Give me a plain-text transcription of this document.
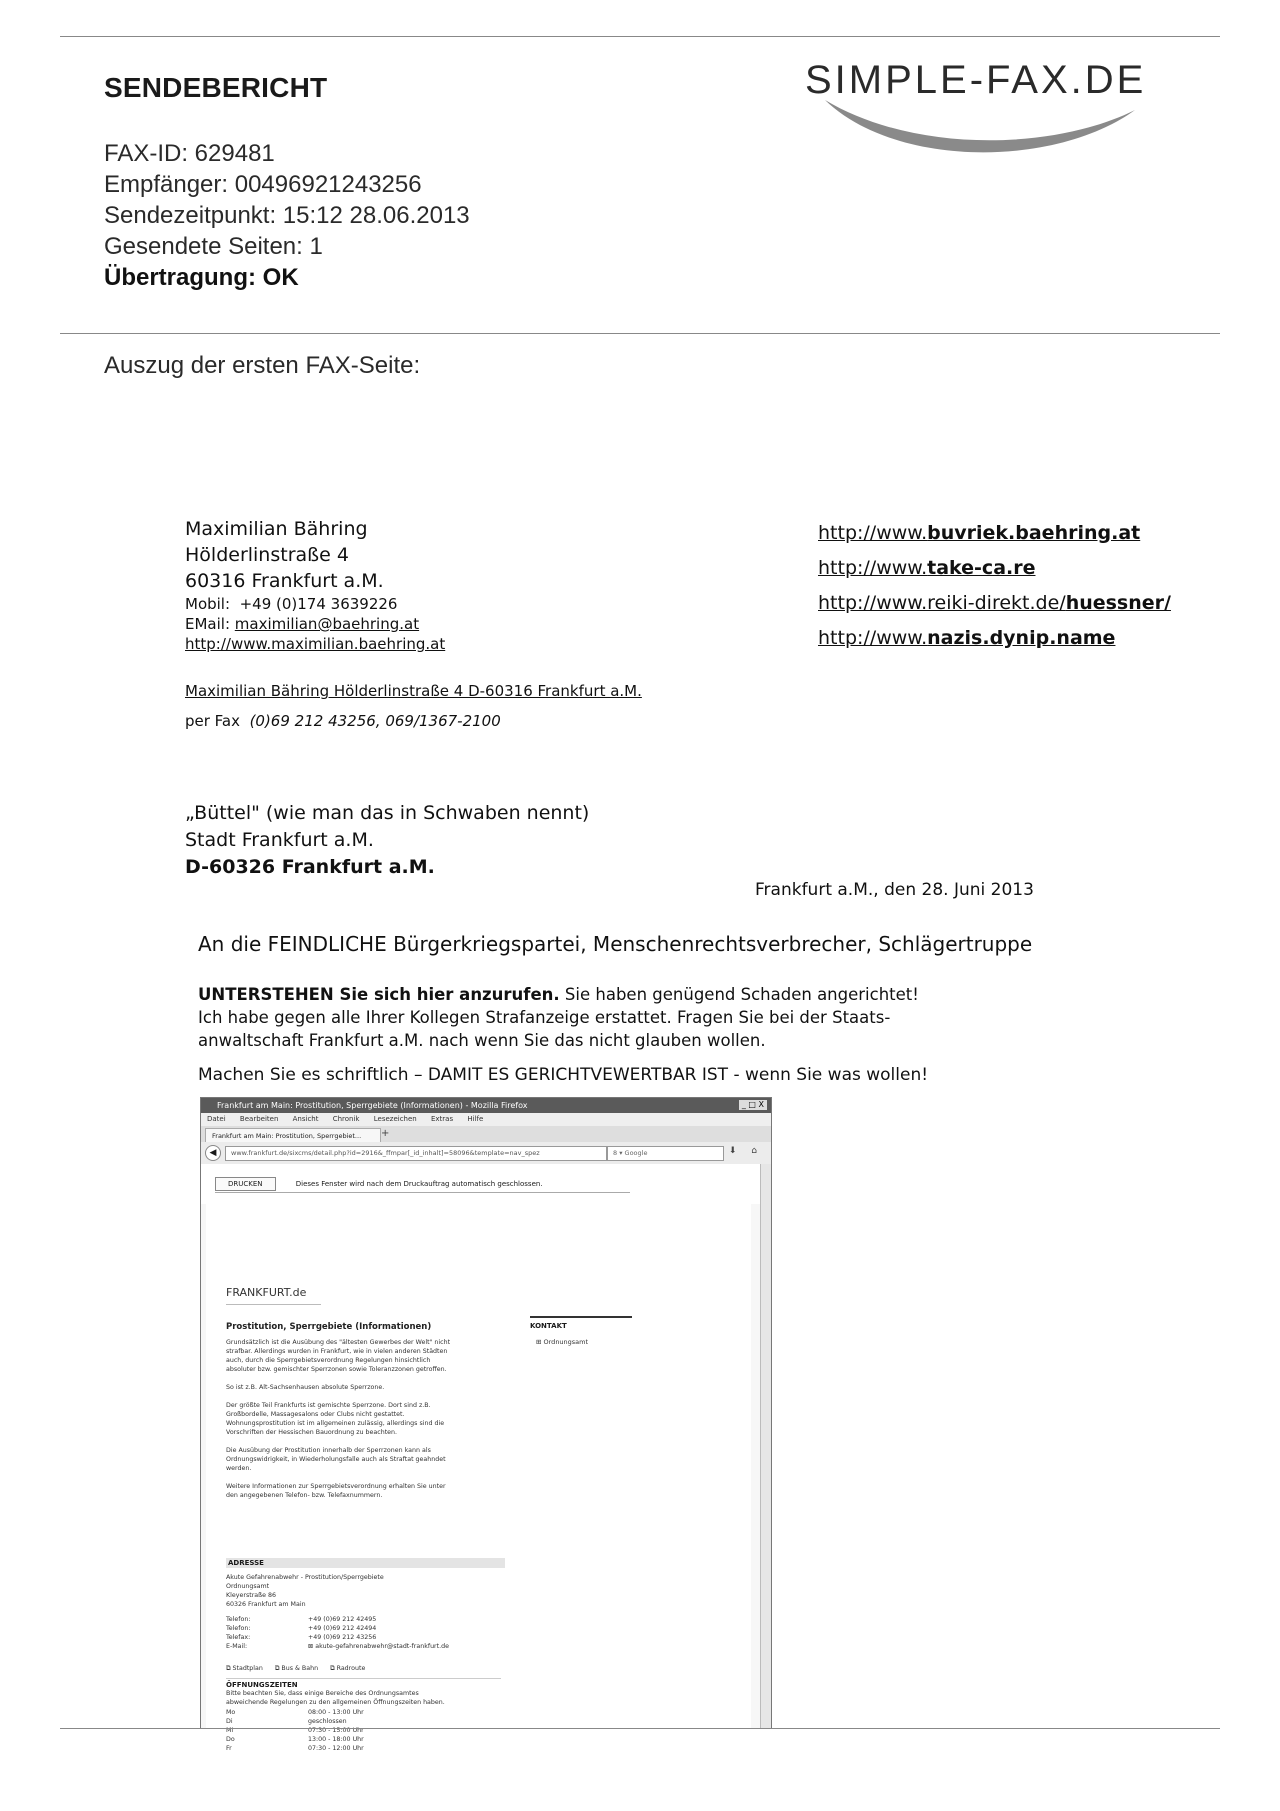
SENDEBERICHT	SIMPLE-FAX.DE
FAX-ID: 629481
Empfänger: 00496921243256
Sendezeitpunkt: 15:12 28.06.2013
Gesendete Seiten: 1
Übertragung: OK
Auszug der ersten FAX-Seite:
Maximilian Bähring
Hölderlinstraße 4
60316 Frankfurt a.M.
Mobil: +49 (0)174 3639226
EMail: maximilian@baehring.at
http://www.maximilian.baehring.at
http://www.buvriek.baehring.at
http://www.take-ca.re
http://www.reiki-direkt.de/huessner/
http://www.nazis.dynip.name
Maximilian Bähring Hölderlinstraße 4 D-60316 Frankfurt a.M.
per Fax (0)69 212 43256, 069/1367-2100
„Büttel" (wie man das in Schwaben nennt)
Stadt Frankfurt a.M.
D-60326 Frankfurt a.M.
Frankfurt a.M., den 28. Juni 2013
An die FEINDLICHE Bürgerkriegspartei, Menschenrechtsverbrecher, Schlägertruppe
UNTERSTEHEN Sie sich hier anzurufen. Sie haben genügend Schaden angerichtet!
Ich habe gegen alle Ihrer Kollegen Strafanzeige erstattet. Fragen Sie bei der Staats-
anwaltschaft Frankfurt a.M. nach wenn Sie das nicht glauben wollen.
Machen Sie es schriftlich – DAMIT ES GERICHTVEWERTBAR IST - wenn Sie was wollen!
Frankfurt am Main: Prostitution, Sperrgebiete (Informationen) - Mozilla Firefox	_ □ X
Datei Bearbeiten Ansicht Chronik Lesezeichen Extras Hilfe
Frankfurt am Main: Prostitution, Sperrgebiet...	+
◀	www.frankfurt.de/sixcms/detail.php?id=2916&_ffmpar[_id_inhalt]=58096&template=nav_spez	8 ▾ Google	⬇ ⌂
DRUCKEN	Dieses Fenster wird nach dem Druckauftrag automatisch geschlossen.
FRANKFURT.de
Prostitution, Sperrgebiete (Informationen)

Grundsätzlich ist die Ausübung des "ältesten Gewerbes der Welt" nicht
strafbar. Allerdings wurden in Frankfurt, wie in vielen anderen Städten
auch, durch die Sperrgebietsverordnung Regelungen hinsichtlich
absoluter bzw. gemischter Sperrzonen sowie Toleranzzonen getroffen.

So ist z.B. Alt-Sachsenhausen absolute Sperrzone.

Der größte Teil Frankfurts ist gemischte Sperrzone. Dort sind z.B.
Großbordelle, Massagesalons oder Clubs nicht gestattet.
Wohnungsprostitution ist im allgemeinen zulässig, allerdings sind die
Vorschriften der Hessischen Bauordnung zu beachten.

Die Ausübung der Prostitution innerhalb der Sperrzonen kann als
Ordnungswidrigkeit, in Wiederholungsfalle auch als Straftat geahndet
werden.

Weitere Informationen zur Sperrgebietsverordnung erhalten Sie unter
den angegebenen Telefon- bzw. Telefaxnummern.

KONTAKT
⊞ Ordnungsamt
ADRESSE
Akute Gefahrenabwehr - Prostitution/Sperrgebiete
Ordnungsamt
Kleyerstraße 86
60326 Frankfurt am Main
Telefon:	+49 (0)69 212 42495
Telefon:	+49 (0)69 212 42494
Telefax:	+49 (0)69 212 43256
E-Mail:	⊠ akute-gefahrenabwehr@stadt-frankfurt.de
⧉ Stadtplan ⧉ Bus & Bahn ⧉ Radroute
ÖFFNUNGSZEITEN
Bitte beachten Sie, dass einige Bereiche des Ordnungsamtes
abweichende Regelungen zu den allgemeinen Öffnungszeiten haben.
Mo	08:00 - 13:00 Uhr
Di	geschlossen
Mi	07:30 - 15:00 Uhr
Do	13:00 - 18:00 Uhr
Fr	07:30 - 12:00 Uhr
